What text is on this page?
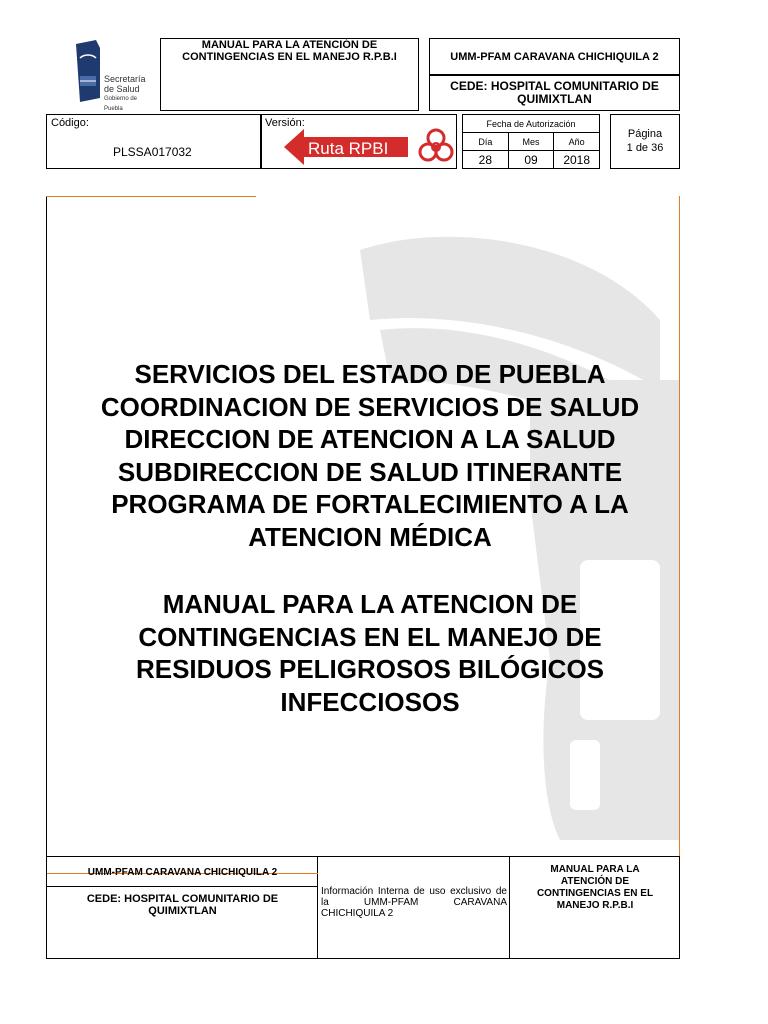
Secretaría
de Salud
Gobierno de Puebla
MANUAL PARA LA ATENCIÓN DE CONTINGENCIAS EN EL MANEJO R.P.B.I	UMM-PFAM CARAVANA CHICHIQUILA 2
CEDE: HOSPITAL COMUNITARIO DE QUIMIXTLAN
Código:
PLSSA017032
Versión:
Ruta RPBI
Fecha de Autorización
Día	Mes	Año
28	09	2018
Página
1 de 36
SERVICIOS DEL ESTADO DE PUEBLA
COORDINACION DE SERVICIOS DE SALUD
DIRECCION DE ATENCION A LA SALUD
SUBDIRECCION DE SALUD ITINERANTE
PROGRAMA DE FORTALECIMIENTO A LA
ATENCION MÉDICA
MANUAL PARA LA ATENCION DE
CONTINGENCIAS EN EL MANEJO DE
RESIDUOS PELIGROSOS BILÓGICOS
INFECCIOSOS
UMM-PFAM CARAVANA CHICHIQUILA 2
CEDE: HOSPITAL COMUNITARIO DE QUIMIXTLAN
Información Interna de uso exclusivo de la UMM-PFAM CARAVANA CHICHIQUILA 2
MANUAL PARA LA ATENCIÓN DE CONTINGENCIAS EN EL MANEJO R.P.B.I
